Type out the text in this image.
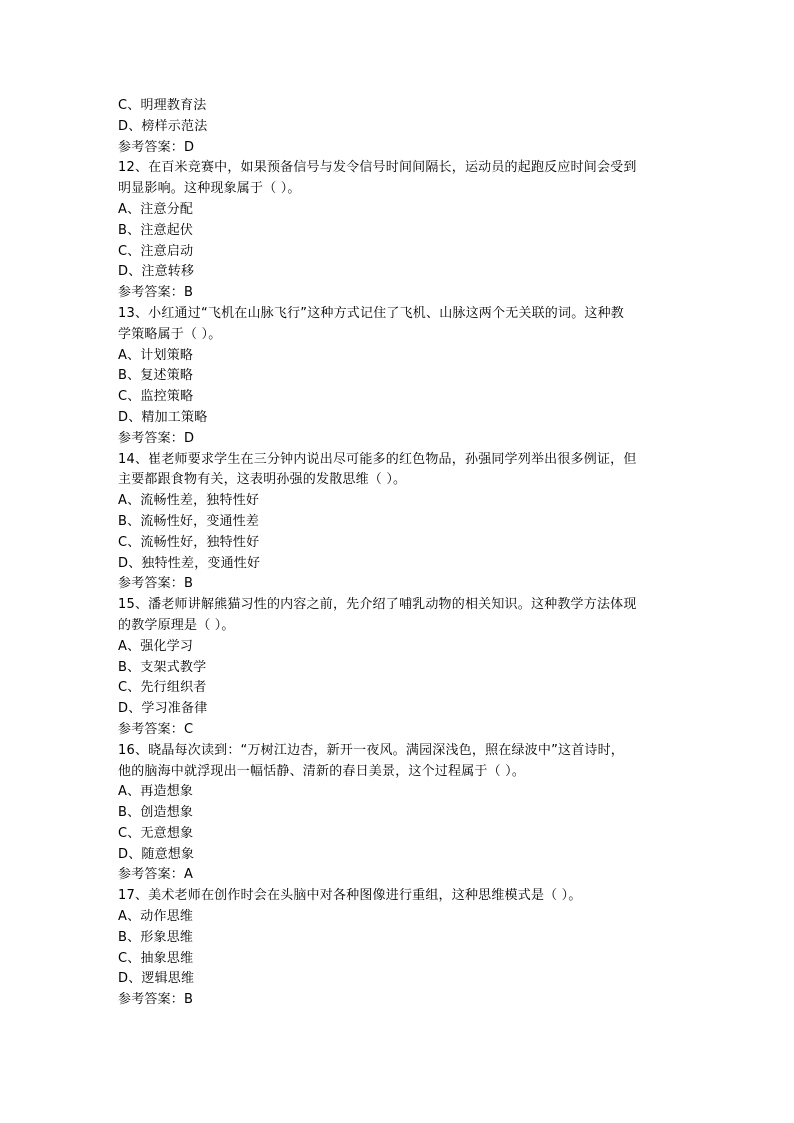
C、明理教育法
D、榜样示范法
参考答案：D
12、在百米竞赛中，如果预备信号与发令信号时间间隔长，运动员的起跑反应时间会受到
明显影响。这种现象属于（ ）。
A、注意分配
B、注意起伏
C、注意启动
D、注意转移
参考答案：B
13、小红通过“飞机在山脉飞行”这种方式记住了飞机、山脉这两个无关联的词。这种教
学策略属于（ ）。
A、计划策略
B、复述策略
C、监控策略
D、精加工策略
参考答案：D
14、崔老师要求学生在三分钟内说出尽可能多的红色物品，孙强同学列举出很多例证，但
主要都跟食物有关，这表明孙强的发散思维（ ）。
A、流畅性差，独特性好
B、流畅性好，变通性差
C、流畅性好，独特性好
D、独特性差，变通性好
参考答案：B
15、潘老师讲解熊猫习性的内容之前，先介绍了哺乳动物的相关知识。这种教学方法体现
的教学原理是（ ）。
A、强化学习
B、支架式教学
C、先行组织者
D、学习准备律
参考答案：C
16、晓晶每次读到：“万树江边杏，新开一夜风。满园深浅色，照在绿波中”这首诗时，
他的脑海中就浮现出一幅恬静、清新的春日美景，这个过程属于（ ）。
A、再造想象
B、创造想象
C、无意想象
D、随意想象
参考答案：A
17、美术老师在创作时会在头脑中对各种图像进行重组，这种思维模式是（ ）。
A、动作思维
B、形象思维
C、抽象思维
D、逻辑思维
参考答案：B
